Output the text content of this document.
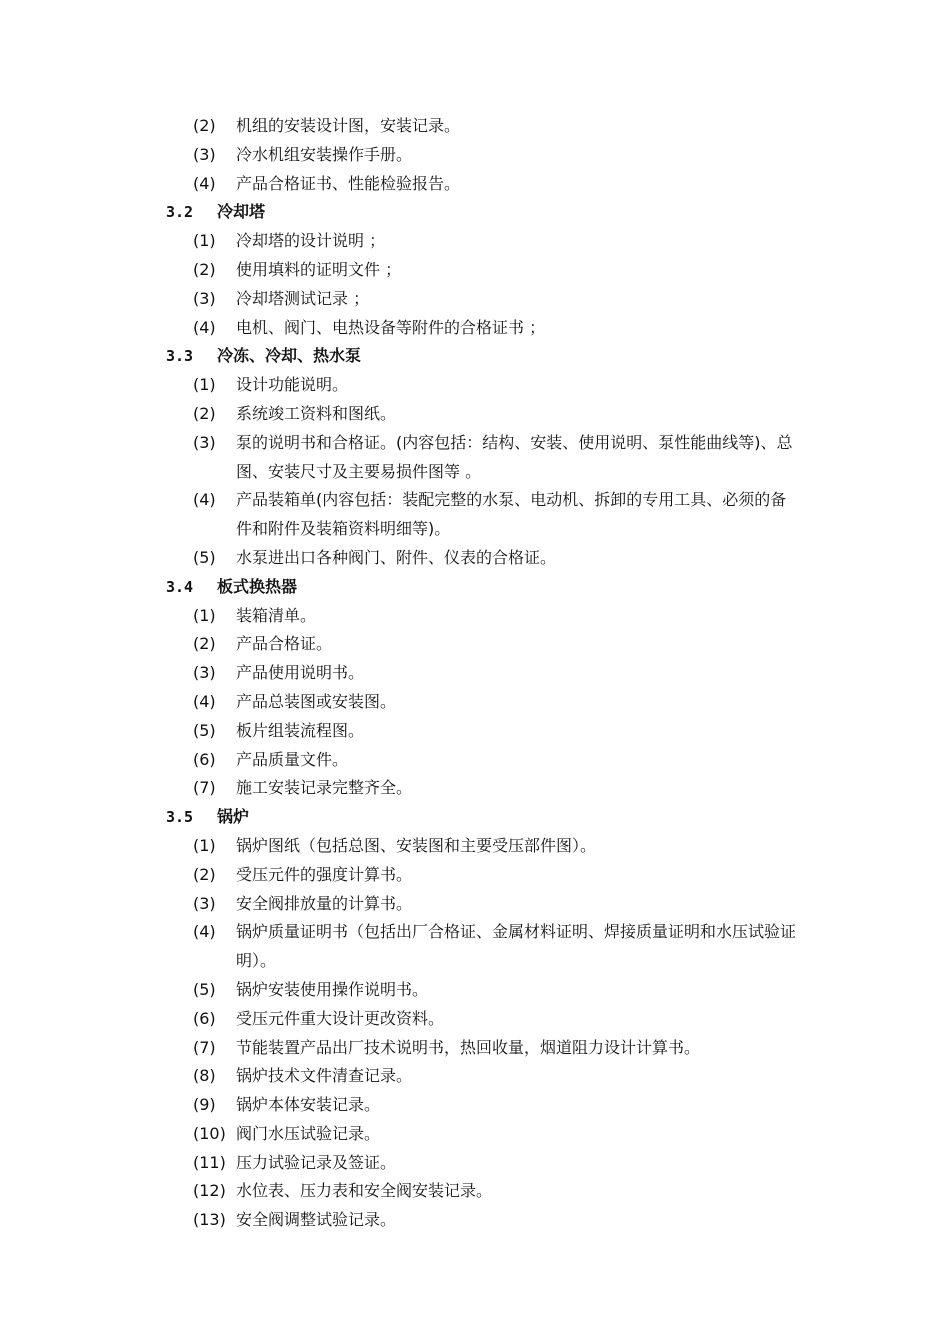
(2) 机组的安装设计图，安装记录。
(3) 冷水机组安装操作手册。
(4) 产品合格证书、性能检验报告。
3.2 冷却塔
(1) 冷却塔的设计说明 ；
(2) 使用填料的证明文件 ；
(3) 冷却塔测试记录 ；
(4) 电机、阀门、电热设备等附件的合格证书 ；
3.3 冷冻、冷却、热水泵
(1) 设计功能说明。
(2) 系统竣工资料和图纸。
(3) 泵的说明书和合格证。(内容包括：结构、安装、使用说明、泵性能曲线等)、总
图、安装尺寸及主要易损件图等 。
(4) 产品装箱单(内容包括：装配完整的水泵、电动机、拆卸的专用工具、必须的备
件和附件及装箱资料明细等)。
(5) 水泵进出口各种阀门、附件、仪表的合格证。
3.4 板式换热器
(1) 装箱清单。
(2) 产品合格证。
(3) 产品使用说明书。
(4) 产品总装图或安装图。
(5) 板片组装流程图。
(6) 产品质量文件。
(7) 施工安装记录完整齐全。
3.5 锅炉
(1) 锅炉图纸（包括总图、安装图和主要受压部件图）。
(2) 受压元件的强度计算书。
(3) 安全阀排放量的计算书。
(4) 锅炉质量证明书（包括出厂合格证、金属材料证明、焊接质量证明和水压试验证
明）。
(5) 锅炉安装使用操作说明书。
(6) 受压元件重大设计更改资料。
(7) 节能装置产品出厂技术说明书，热回收量，烟道阻力设计计算书。
(8) 锅炉技术文件清查记录。
(9) 锅炉本体安装记录。
(10) 阀门水压试验记录。
(11) 压力试验记录及签证。
(12) 水位表、压力表和安全阀安装记录。
(13) 安全阀调整试验记录。
